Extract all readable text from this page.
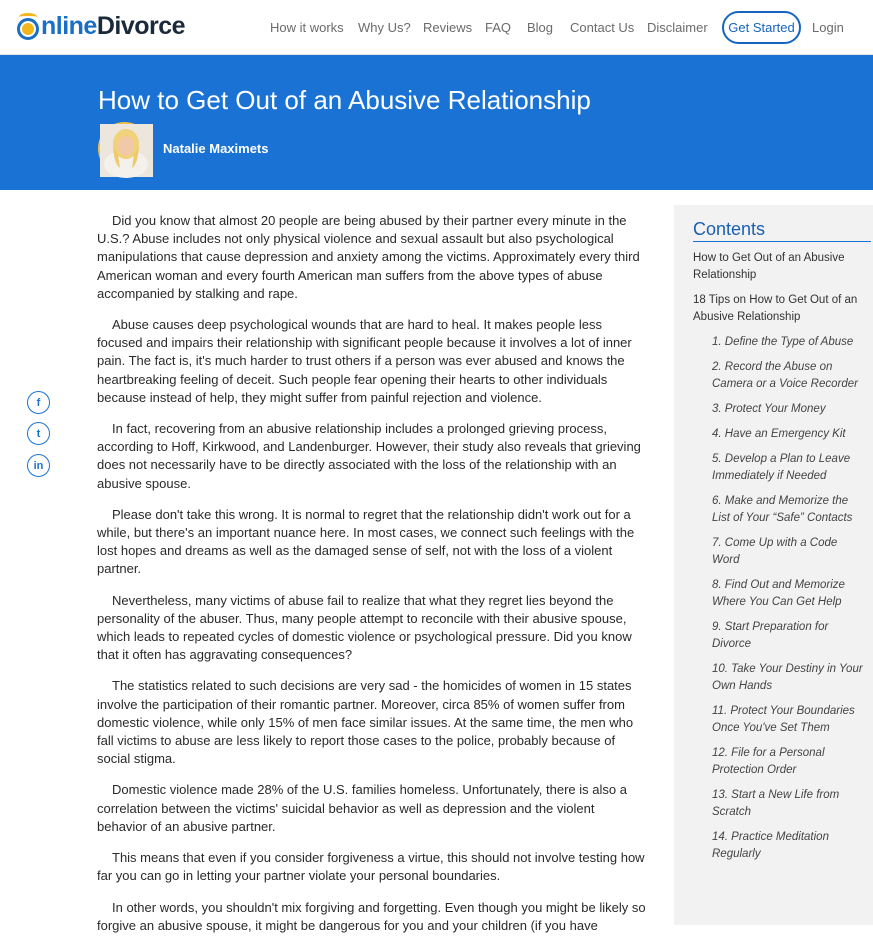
nlineDivorce	How it works Why Us? Reviews FAQ Blog Contact Us Disclaimer	Get Started	Login
How to Get Out of an Abusive Relationship
Natalie Maximets
f
t
in

Did you know that almost 20 people are being abused by their partner every minute in the U.S.? Abuse includes not only physical violence and sexual assault but also psychological manipulations that cause depression and anxiety among the victims. Approximately every third American woman and every fourth American man suffers from the above types of abuse accompanied by stalking and rape.

Abuse causes deep psychological wounds that are hard to heal. It makes people less focused and impairs their relationship with significant people because it involves a lot of inner pain. The fact is, it's much harder to trust others if a person was ever abused and knows the heartbreaking feeling of deceit. Such people fear opening their hearts to other individuals because instead of help, they might suffer from painful rejection and violence.

In fact, recovering from an abusive relationship includes a prolonged grieving process, according to Hoff, Kirkwood, and Landenburger. However, their study also reveals that grieving does not necessarily have to be directly associated with the loss of the relationship with an abusive spouse.

Please don't take this wrong. It is normal to regret that the relationship didn't work out for a while, but there's an important nuance here. In most cases, we connect such feelings with the lost hopes and dreams as well as the damaged sense of self, not with the loss of a violent partner.

Nevertheless, many victims of abuse fail to realize that what they regret lies beyond the personality of the abuser. Thus, many people attempt to reconcile with their abusive spouse, which leads to repeated cycles of domestic violence or psychological pressure. Did you know that it often has aggravating consequences?

The statistics related to such decisions are very sad - the homicides of women in 15 states involve the participation of their romantic partner. Moreover, circa 85% of women suffer from domestic violence, while only 15% of men face similar issues. At the same time, the men who fall victims to abuse are less likely to report those cases to the police, probably because of social stigma.

Domestic violence made 28% of the U.S. families homeless. Unfortunately, there is also a correlation between the victims' suicidal behavior as well as depression and the violent behavior of an abusive partner.

This means that even if you consider forgiveness a virtue, this should not involve testing how far you can go in letting your partner violate your personal boundaries.

In other words, you shouldn't mix forgiving and forgetting. Even though you might be likely so forgive an abusive spouse, it might be dangerous for you and your children (if you have

Contents
How to Get Out of an Abusive Relationship
18 Tips on How to Get Out of an Abusive Relationship
1. Define the Type of Abuse
2. Record the Abuse on Camera or a Voice Recorder
3. Protect Your Money
4. Have an Emergency Kit
5. Develop a Plan to Leave Immediately if Needed
6. Make and Memorize the List of Your “Safe” Contacts
7. Come Up with a Code Word
8. Find Out and Memorize Where You Can Get Help
9. Start Preparation for Divorce
10. Take Your Destiny in Your Own Hands
11. Protect Your Boundaries Once You've Set Them
12. File for a Personal Protection Order
13. Start a New Life from Scratch
14. Practice Meditation Regularly
